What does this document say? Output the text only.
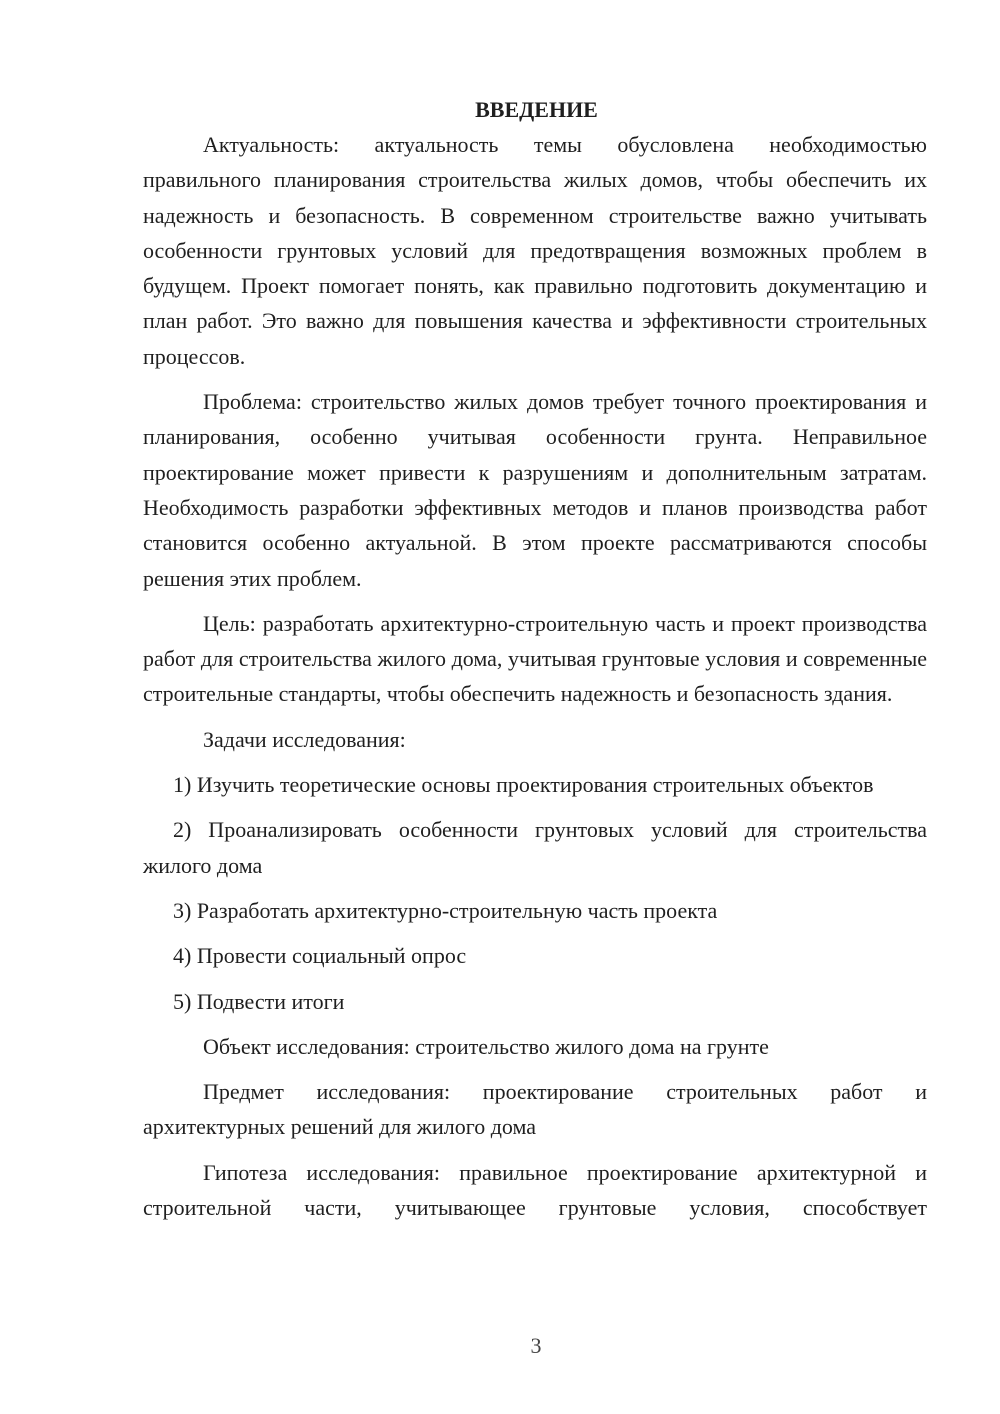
ВВЕДЕНИЕ

Актуальность: актуальность темы обусловлена необходимостью правильного планирования строительства жилых домов, чтобы обеспечить их надежность и безопасность. В современном строительстве важно учитывать особенности грунтовых условий для предотвращения возможных проблем в будущем. Проект помогает понять, как правильно подготовить документацию и план работ. Это важно для повышения качества и эффективности строительных процессов.

Проблема: строительство жилых домов требует точного проектирования и планирования, особенно учитывая особенности грунта. Неправильное проектирование может привести к разрушениям и дополнительным затратам. Необходимость разработки эффективных методов и планов производства работ становится особенно актуальной. В этом проекте рассматриваются способы решения этих проблем.

Цель: разработать архитектурно-строительную часть и проект производства работ для строительства жилого дома, учитывая грунтовые условия и современные строительные стандарты, чтобы обеспечить надежность и безопасность здания.

Задачи исследования:

1) Изучить теоретические основы проектирования строительных объектов

2) Проанализировать особенности грунтовых условий для строительства жилого дома

3) Разработать архитектурно-строительную часть проекта

4) Провести социальный опрос

5) Подвести итоги

Объект исследования: строительство жилого дома на грунте

Предмет исследования: проектирование строительных работ и архитектурных решений для жилого дома

Гипотеза исследования: правильное проектирование архитектурной и строительной части, учитывающее грунтовые условия, способствует

3
